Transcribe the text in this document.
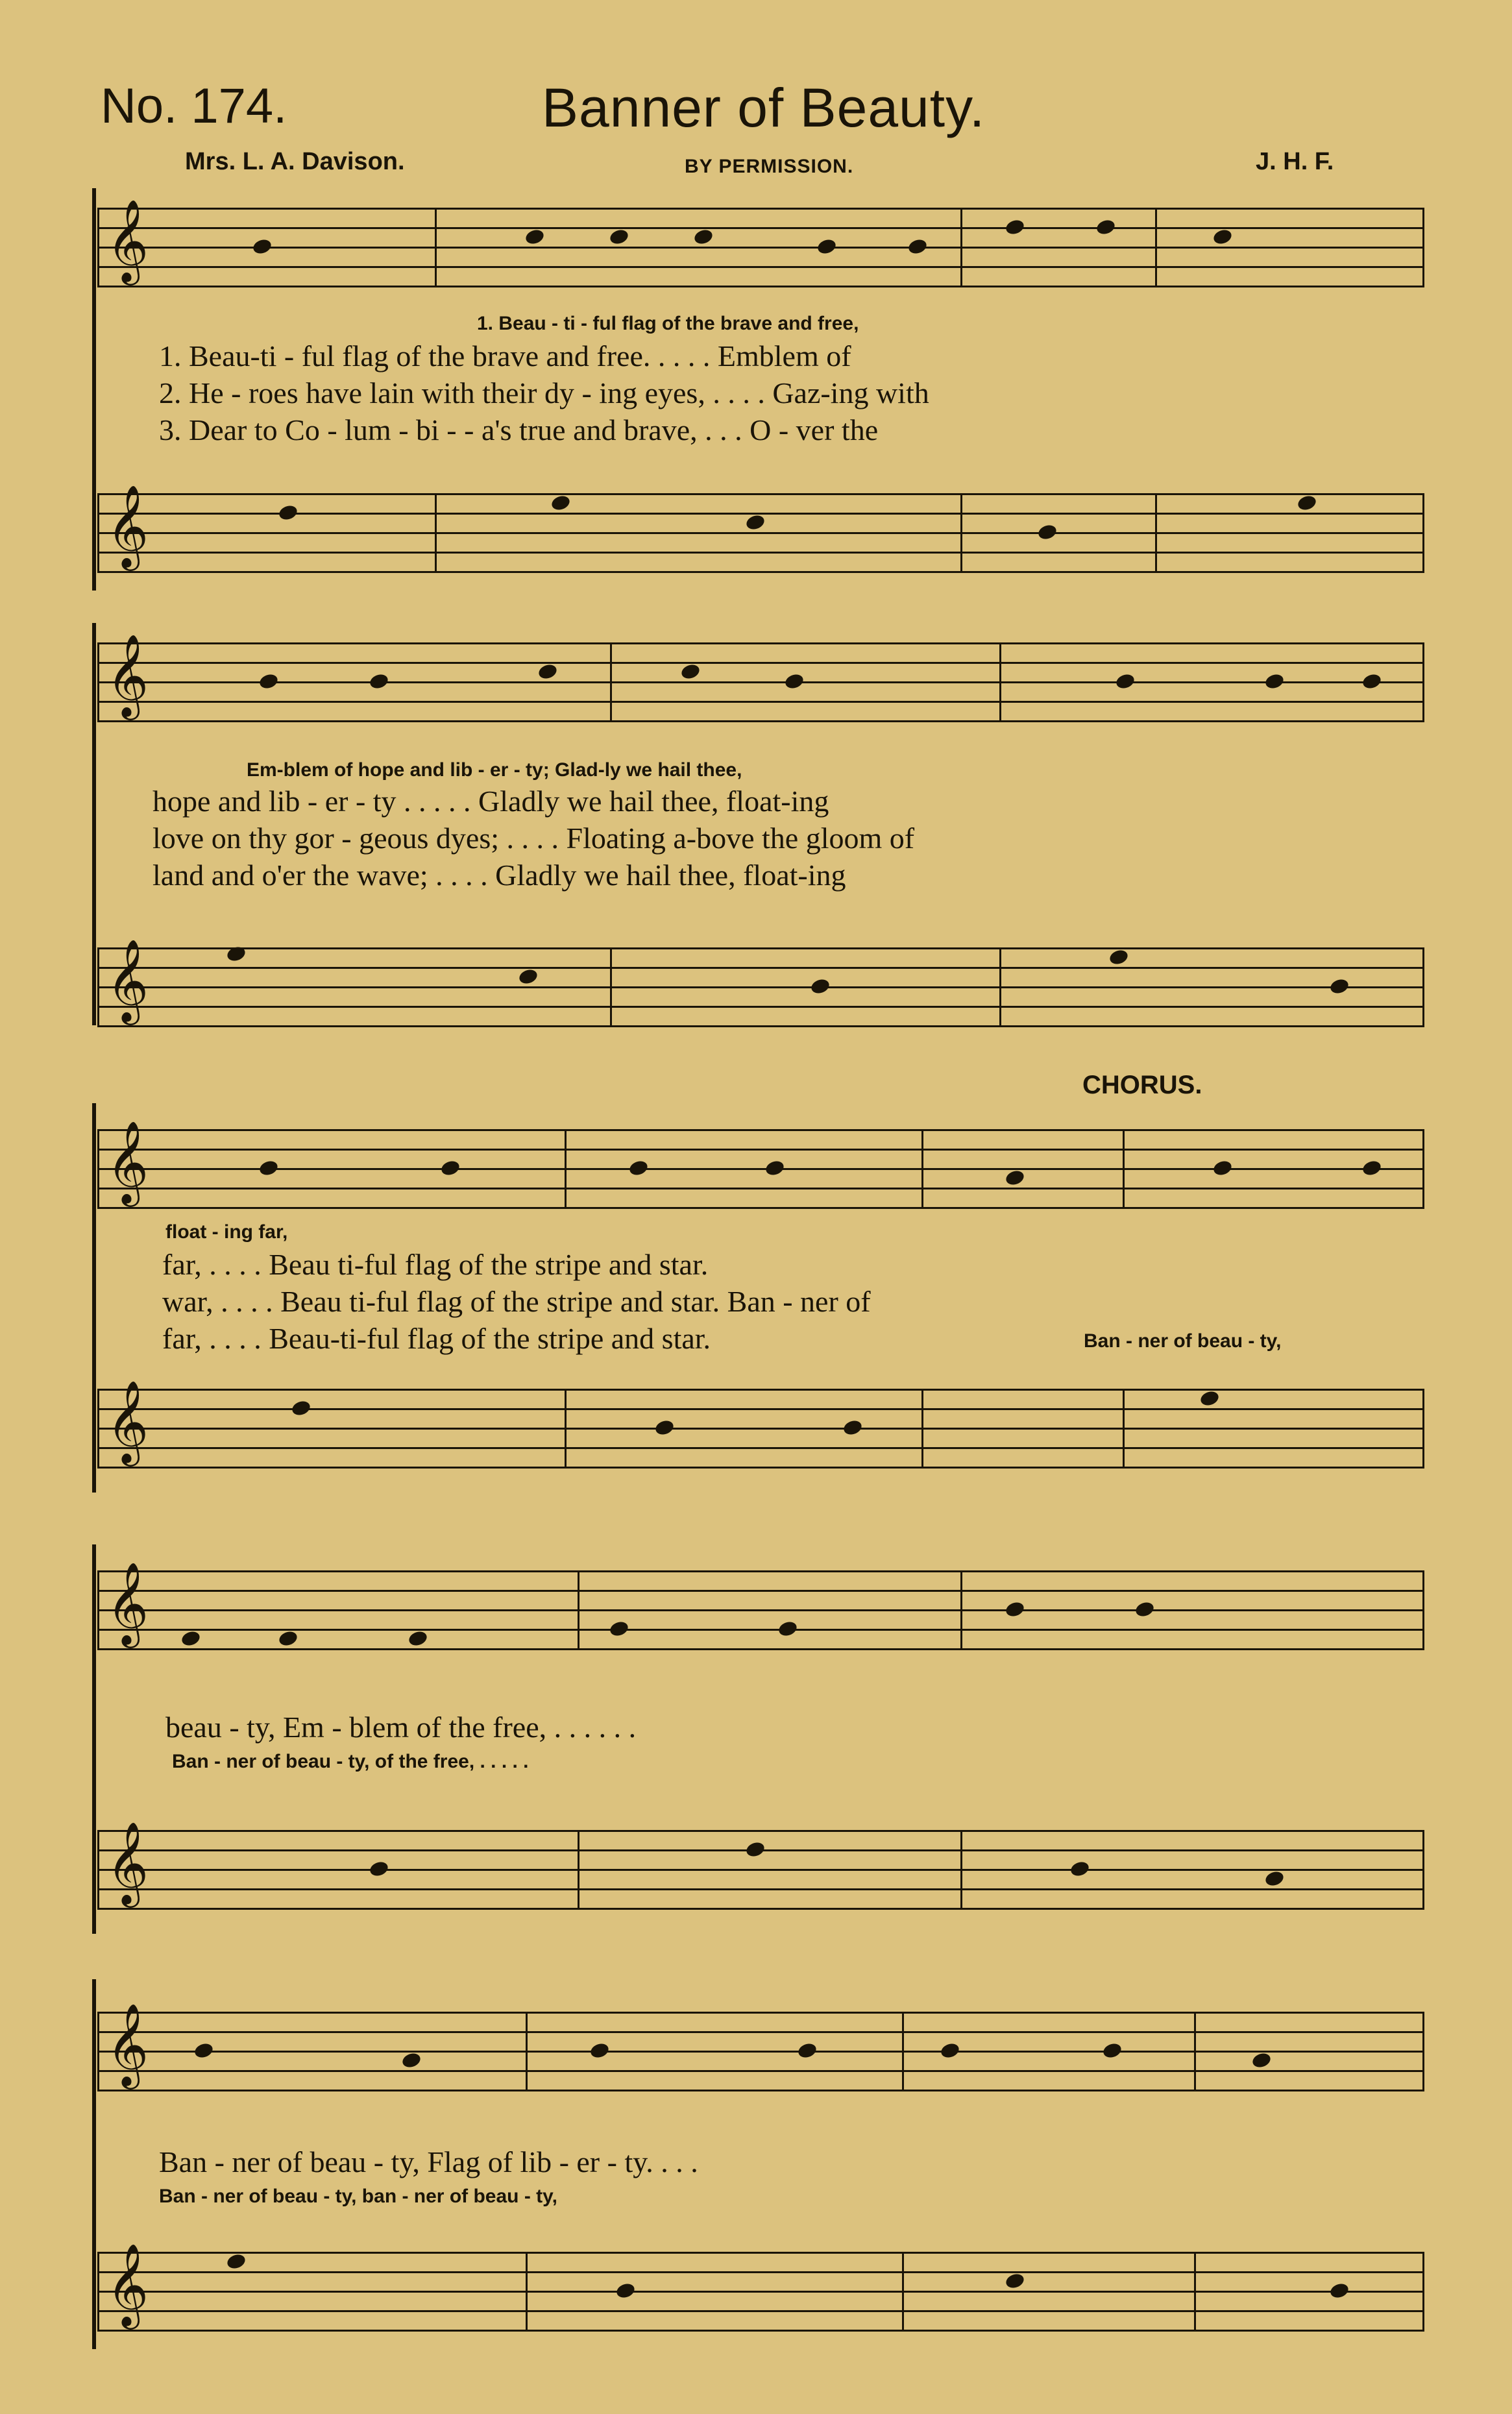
No. 174.	Banner of Beauty.
Mrs. L. A. Davison.	BY PERMISSION.	J. H. F.
𝄞
1. Beau - ti - ful flag of the brave and free,
1. Beau-ti - ful flag of the brave and free. . . . . Emblem of
2. He - roes have lain with their dy - ing eyes, . . . . Gaz-ing with
3. Dear to Co - lum - bi - - a's true and brave, . . . O - ver the
𝄞
𝄞
Em-blem of hope and lib - er - ty; Glad-ly we hail thee,
hope and lib - er - ty . . . . . Gladly we hail thee, float-ing
love on thy gor - geous dyes; . . . . Floating a-bove the gloom of
land and o'er the wave; . . . . Gladly we hail thee, float-ing
𝄞
CHORUS.
𝄞
float - ing far,
far, . . . . Beau ti-ful flag of the stripe and star.
war, . . . . Beau ti-ful flag of the stripe and star. Ban - ner of
far, . . . . Beau-ti-ful flag of the stripe and star.	Ban - ner of beau - ty,
𝄞
𝄞
beau - ty, Em - blem of the free, . . . . . .
Ban - ner of beau - ty, of the free, . . . . .
𝄞
𝄞
Ban - ner of beau - ty, Flag of lib - er - ty. . . .
Ban - ner of beau - ty, ban - ner of beau - ty,
𝄞
